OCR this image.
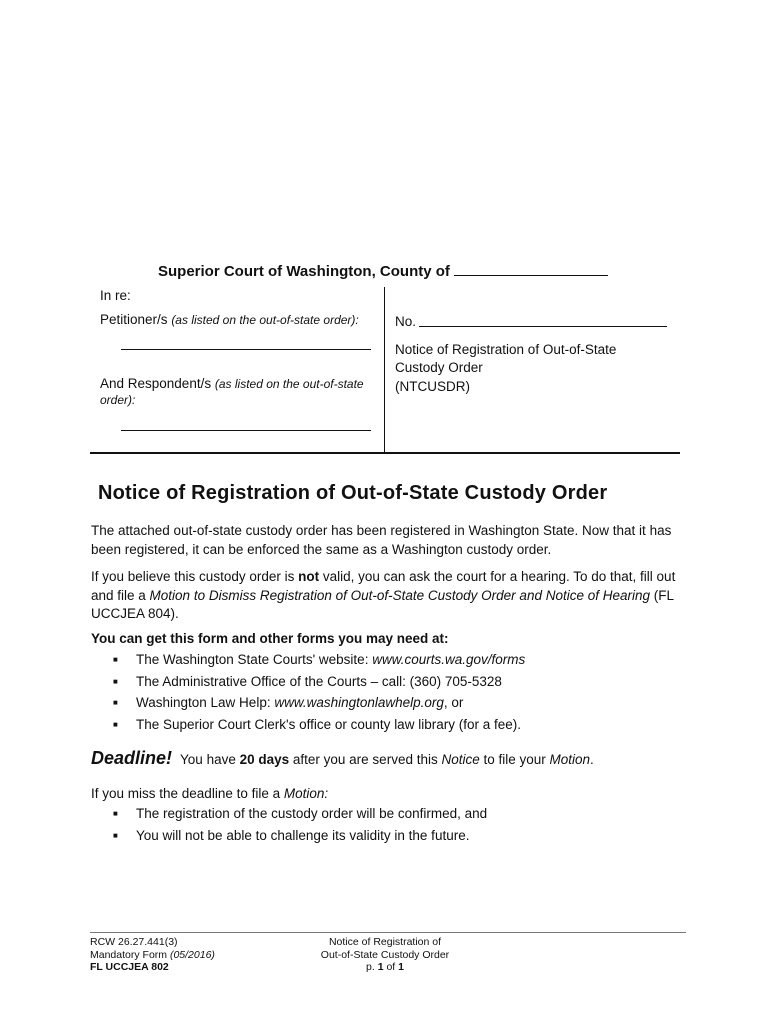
Superior Court of Washington, County of
In re:
Petitioner/s (as listed on the out-of-state order):
And Respondent/s (as listed on the out-of-state
order):
No.
Notice of Registration of Out-of-State
Custody Order
(NTCUSDR)
Notice of Registration of Out-of-State Custody Order
The attached out-of-state custody order has been registered in Washington State. Now that it has
been registered, it can be enforced the same as a Washington custody order.
If you believe this custody order is not valid, you can ask the court for a hearing. To do that, fill out
and file a Motion to Dismiss Registration of Out-of-State Custody Order and Notice of Hearing (FL
UCCJEA 804).
You can get this form and other forms you may need at:
■ The Washington State Courts' website: www.courts.wa.gov/forms
■ The Administrative Office of the Courts – call: (360) 705-5328
■ Washington Law Help: www.washingtonlawhelp.org, or
■ The Superior Court Clerk's office or county law library (for a fee).
Deadline! You have 20 days after you are served this Notice to file your Motion.
If you miss the deadline to file a Motion:
■ The registration of the custody order will be confirmed, and
■ You will not be able to challenge its validity in the future.
RCW 26.27.441(3)
Mandatory Form (05/2016)
FL UCCJEA 802
Notice of Registration of
Out-of-State Custody Order
p. 1 of 1
